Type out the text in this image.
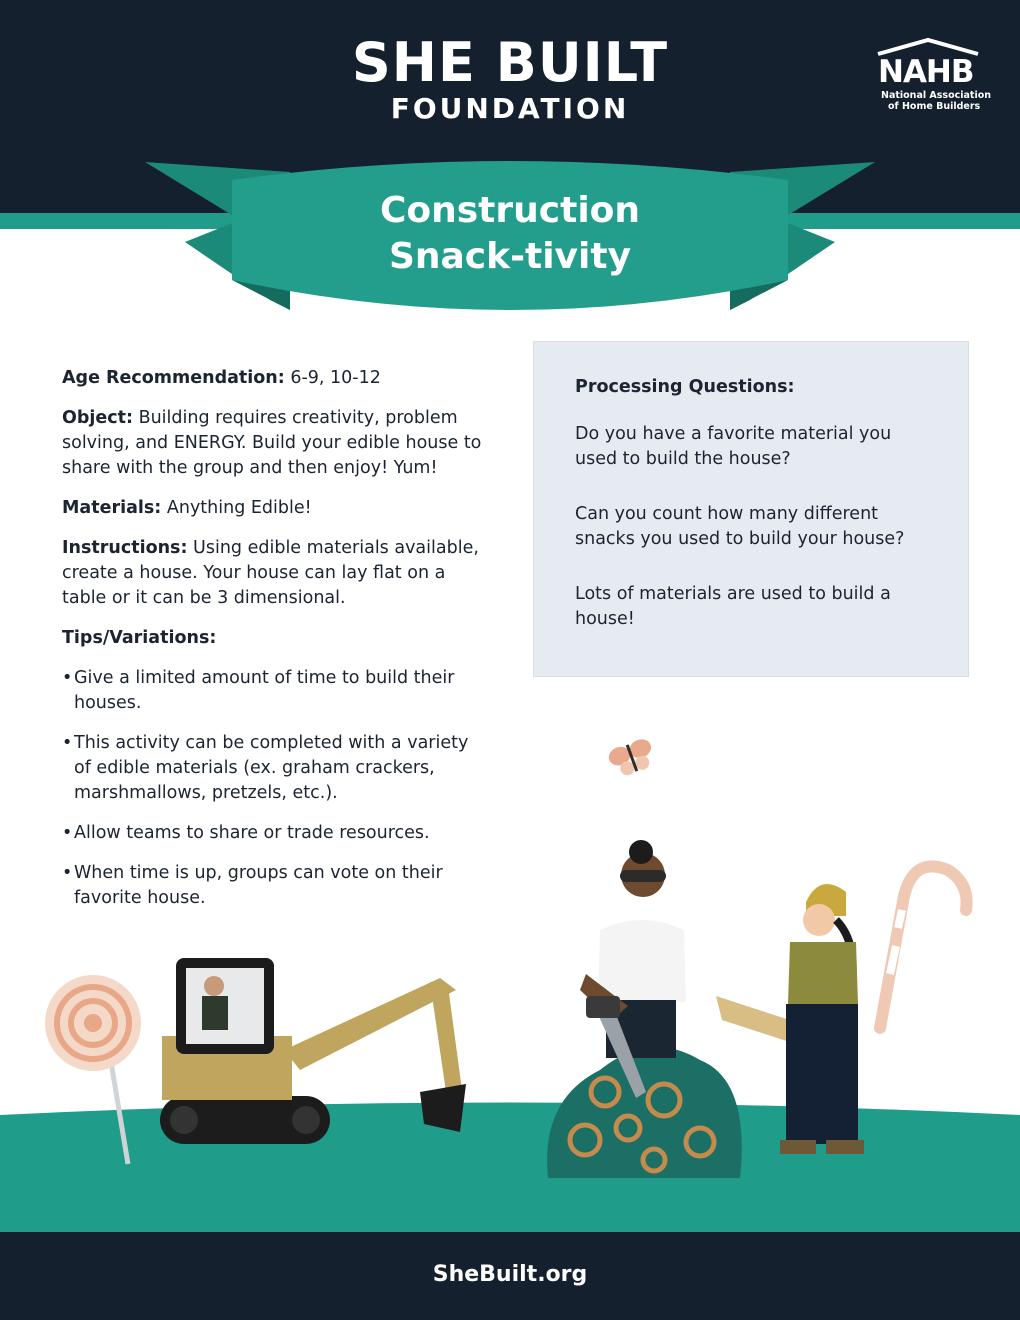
SHE BUILT
FOUNDATION
NAHB
National Association
of Home Builders
Construction
Snack-tivity

Age Recommendation: 6-9, 10-12

Object: Building requires creativity, problem solving, and ENERGY. Build your edible house to share with the group and then enjoy! Yum!

Materials: Anything Edible!

Instructions: Using edible materials available, create a house. Your house can lay flat on a table or it can be 3 dimensional.

Tips/Variations:

• Give a limited amount of time to build their houses.
• This activity can be completed with a variety of edible materials (ex. graham crackers, marshmallows, pretzels, etc.).
• Allow teams to share or trade resources.
• When time is up, groups can vote on their favorite house.

Processing Questions:

Do you have a favorite material you used to build the house?

Can you count how many different snacks you used to build your house?

Lots of materials are used to build a house!

SheBuilt.org
